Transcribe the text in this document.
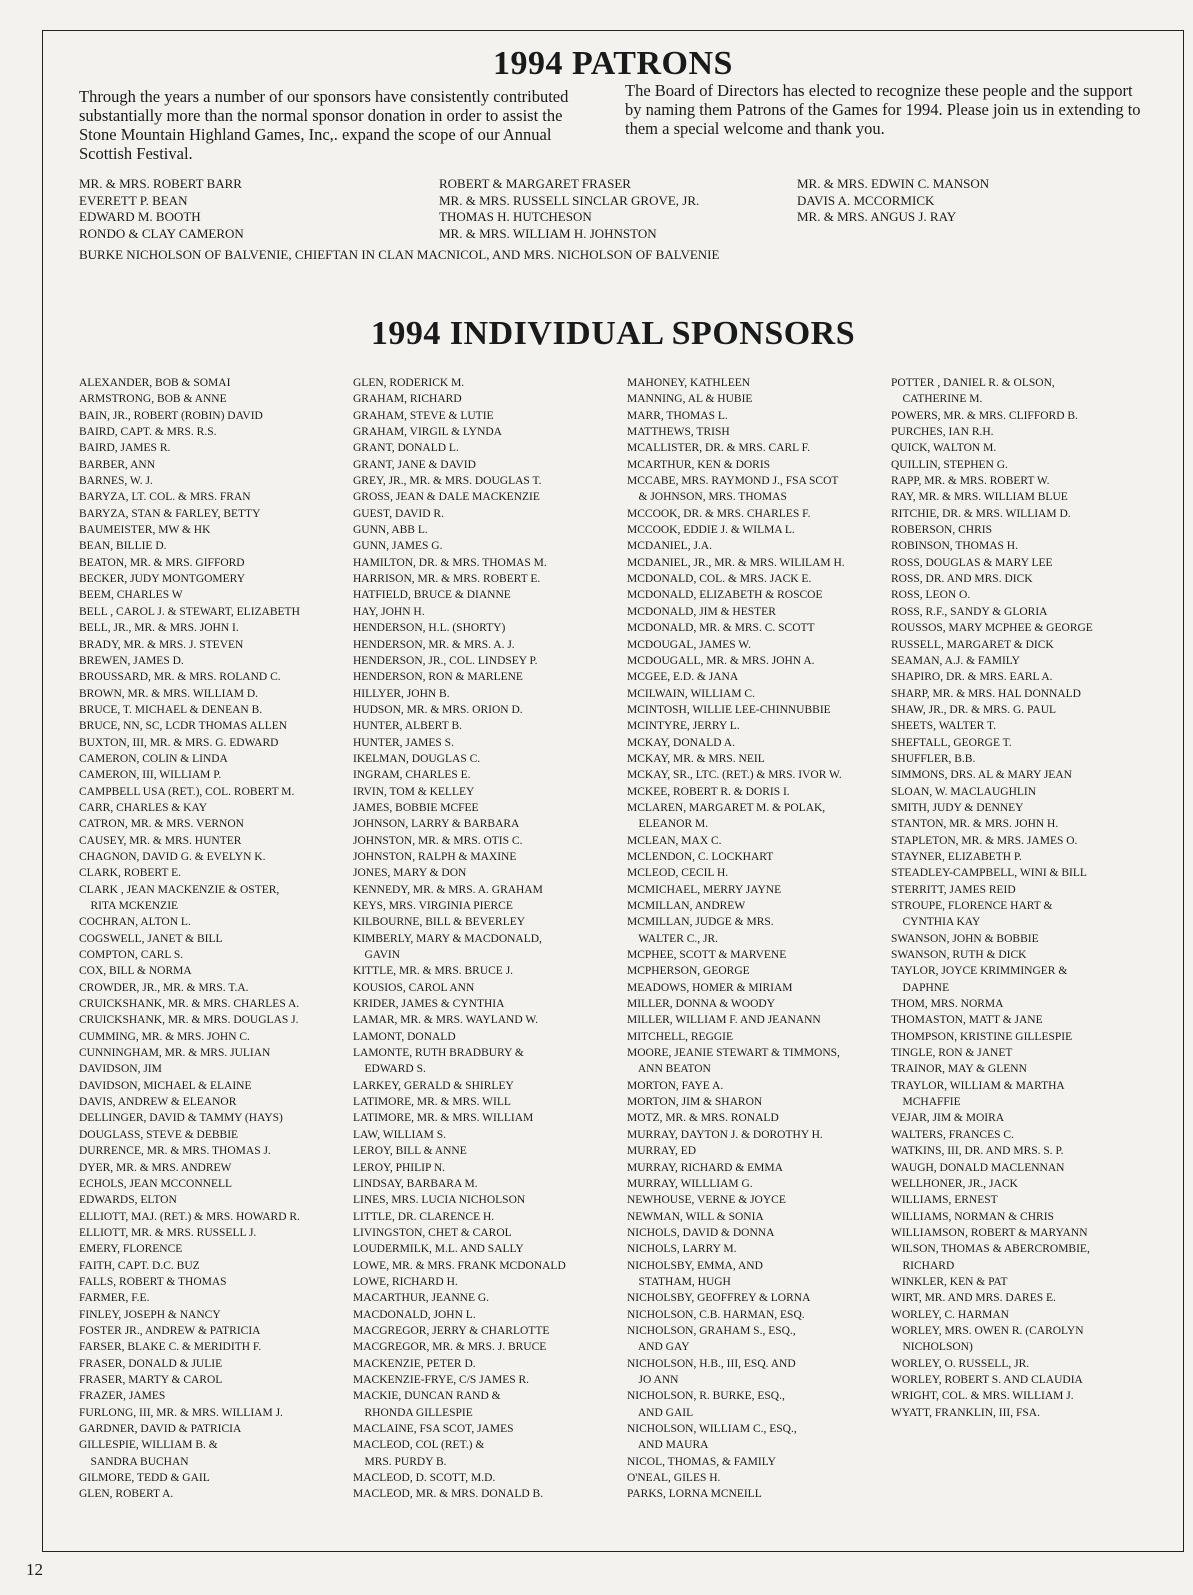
1994 PATRONS
Through the years a number of our sponsors have consistently contributed substantially more than the normal sponsor donation in order to assist the Stone Mountain Highland Games, Inc,. expand the scope of our Annual Scottish Festival.
The Board of Directors has elected to recognize these people and the support by naming them Patrons of the Games for 1994. Please join us in extending to them a special welcome and thank you.
MR. & MRS. ROBERT BARR
EVERETT P. BEAN
EDWARD M. BOOTH
RONDO & CLAY CAMERON
ROBERT & MARGARET FRASER
MR. & MRS. RUSSELL SINCLAR GROVE, JR.
THOMAS H. HUTCHESON
MR. & MRS. WILLIAM H. JOHNSTON
MR. & MRS. EDWIN C. MANSON
DAVIS A. MCCORMICK
MR. & MRS. ANGUS J. RAY
BURKE NICHOLSON OF BALVENIE, CHIEFTAN IN CLAN MACNICOL, AND MRS. NICHOLSON OF BALVENIE
1994 INDIVIDUAL SPONSORS
ALEXANDER, BOB & SOMAI
ARMSTRONG, BOB & ANNE
BAIN, JR., ROBERT (ROBIN) DAVID
BAIRD, CAPT. & MRS. R.S.
BAIRD, JAMES R.
BARBER, ANN
BARNES, W. J.
BARYZA, LT. COL. & MRS. FRAN
BARYZA, STAN & FARLEY, BETTY
BAUMEISTER, MW & HK
BEAN, BILLIE D.
BEATON, MR. & MRS. GIFFORD
BECKER, JUDY MONTGOMERY
BEEM, CHARLES W
BELL , CAROL J. & STEWART, ELIZABETH
BELL, JR., MR. & MRS. JOHN I.
BRADY, MR. & MRS. J. STEVEN
BREWEN, JAMES D.
BROUSSARD, MR. & MRS. ROLAND C.
BROWN, MR. & MRS. WILLIAM D.
BRUCE, T. MICHAEL & DENEAN B.
BRUCE, NN, SC, LCDR THOMAS ALLEN
BUXTON, III, MR. & MRS. G. EDWARD
CAMERON, COLIN & LINDA
CAMERON, III, WILLIAM P.
CAMPBELL USA (RET.), COL. ROBERT M.
CARR, CHARLES & KAY
CATRON, MR. & MRS. VERNON
CAUSEY, MR. & MRS. HUNTER
CHAGNON, DAVID G. & EVELYN K.
CLARK, ROBERT E.
CLARK , JEAN MACKENZIE & OSTER,
RITA MCKENZIE
COCHRAN, ALTON L.
COGSWELL, JANET & BILL
COMPTON, CARL S.
COX, BILL & NORMA
CROWDER, JR., MR. & MRS. T.A.
CRUICKSHANK, MR. & MRS. CHARLES A.
CRUICKSHANK, MR. & MRS. DOUGLAS J.
CUMMING, MR. & MRS. JOHN C.
CUNNINGHAM, MR. & MRS. JULIAN
DAVIDSON, JIM
DAVIDSON, MICHAEL & ELAINE
DAVIS, ANDREW & ELEANOR
DELLINGER, DAVID & TAMMY (HAYS)
DOUGLASS, STEVE & DEBBIE
DURRENCE, MR. & MRS. THOMAS J.
DYER, MR. & MRS. ANDREW
ECHOLS, JEAN MCCONNELL
EDWARDS, ELTON
ELLIOTT, MAJ. (RET.) & MRS. HOWARD R.
ELLIOTT, MR. & MRS. RUSSELL J.
EMERY, FLORENCE
FAITH, CAPT. D.C. BUZ
FALLS, ROBERT & THOMAS
FARMER, F.E.
FINLEY, JOSEPH & NANCY
FOSTER JR., ANDREW & PATRICIA
FARSER, BLAKE C. & MERIDITH F.
FRASER, DONALD & JULIE
FRASER, MARTY & CAROL
FRAZER, JAMES
FURLONG, III, MR. & MRS. WILLIAM J.
GARDNER, DAVID & PATRICIA
GILLESPIE, WILLIAM B. &
SANDRA BUCHAN
GILMORE, TEDD & GAIL
GLEN, ROBERT A.
GLEN, RODERICK M.
GRAHAM, RICHARD
GRAHAM, STEVE & LUTIE
GRAHAM, VIRGIL & LYNDA
GRANT, DONALD L.
GRANT, JANE & DAVID
GREY, JR., MR. & MRS. DOUGLAS T.
GROSS, JEAN & DALE MACKENZIE
GUEST, DAVID R.
GUNN, ABB L.
GUNN, JAMES G.
HAMILTON, DR. & MRS. THOMAS M.
HARRISON, MR. & MRS. ROBERT E.
HATFIELD, BRUCE & DIANNE
HAY, JOHN H.
HENDERSON, H.L. (SHORTY)
HENDERSON, MR. & MRS. A. J.
HENDERSON, JR., COL. LINDSEY P.
HENDERSON, RON & MARLENE
HILLYER, JOHN B.
HUDSON, MR. & MRS. ORION D.
HUNTER, ALBERT B.
HUNTER, JAMES S.
IKELMAN, DOUGLAS C.
INGRAM, CHARLES E.
IRVIN, TOM & KELLEY
JAMES, BOBBIE MCFEE
JOHNSON, LARRY & BARBARA
JOHNSTON, MR. & MRS. OTIS C.
JOHNSTON, RALPH & MAXINE
JONES, MARY & DON
KENNEDY, MR. & MRS. A. GRAHAM
KEYS, MRS. VIRGINIA PIERCE
KILBOURNE, BILL & BEVERLEY
KIMBERLY, MARY & MACDONALD,
GAVIN
KITTLE, MR. & MRS. BRUCE J.
KOUSIOS, CAROL ANN
KRIDER, JAMES & CYNTHIA
LAMAR, MR. & MRS. WAYLAND W.
LAMONT, DONALD
LAMONTE, RUTH BRADBURY &
EDWARD S.
LARKEY, GERALD & SHIRLEY
LATIMORE, MR. & MRS. WILL
LATIMORE, MR. & MRS. WILLIAM
LAW, WILLIAM S.
LEROY, BILL & ANNE
LEROY, PHILIP N.
LINDSAY, BARBARA M.
LINES, MRS. LUCIA NICHOLSON
LITTLE, DR. CLARENCE H.
LIVINGSTON, CHET & CAROL
LOUDERMILK, M.L. AND SALLY
LOWE, MR. & MRS. FRANK MCDONALD
LOWE, RICHARD H.
MACARTHUR, JEANNE G.
MACDONALD, JOHN L.
MACGREGOR, JERRY & CHARLOTTE
MACGREGOR, MR. & MRS. J. BRUCE
MACKENZIE, PETER D.
MACKENZIE-FRYE, C/S JAMES R.
MACKIE, DUNCAN RAND &
RHONDA GILLESPIE
MACLAINE, FSA SCOT, JAMES
MACLEOD, COL (RET.) &
MRS. PURDY B.
MACLEOD, D. SCOTT, M.D.
MACLEOD, MR. & MRS. DONALD B.
MAHONEY, KATHLEEN
MANNING, AL & HUBIE
MARR, THOMAS L.
MATTHEWS, TRISH
MCALLISTER, DR. & MRS. CARL F.
MCARTHUR, KEN & DORIS
MCCABE, MRS. RAYMOND J., FSA SCOT
& JOHNSON, MRS. THOMAS
MCCOOK, DR. & MRS. CHARLES F.
MCCOOK, EDDIE J. & WILMA L.
MCDANIEL, J.A.
MCDANIEL, JR., MR. & MRS. WILILAM H.
MCDONALD, COL. & MRS. JACK E.
MCDONALD, ELIZABETH & ROSCOE
MCDONALD, JIM & HESTER
MCDONALD, MR. & MRS. C. SCOTT
MCDOUGAL, JAMES W.
MCDOUGALL, MR. & MRS. JOHN A.
MCGEE, E.D. & JANA
MCILWAIN, WILLIAM C.
MCINTOSH, WILLIE LEE-CHINNUBBIE
MCINTYRE, JERRY L.
MCKAY, DONALD A.
MCKAY, MR. & MRS. NEIL
MCKAY, SR., LTC. (RET.) & MRS. IVOR W.
MCKEE, ROBERT R. & DORIS I.
MCLAREN, MARGARET M. & POLAK,
ELEANOR M.
MCLEAN, MAX C.
MCLENDON, C. LOCKHART
MCLEOD, CECIL H.
MCMICHAEL, MERRY JAYNE
MCMILLAN, ANDREW
MCMILLAN, JUDGE & MRS.
WALTER C., JR.
MCPHEE, SCOTT & MARVENE
MCPHERSON, GEORGE
MEADOWS, HOMER & MIRIAM
MILLER, DONNA & WOODY
MILLER, WILLIAM F. AND JEANANN
MITCHELL, REGGIE
MOORE, JEANIE STEWART & TIMMONS,
ANN BEATON
MORTON, FAYE A.
MORTON, JIM & SHARON
MOTZ, MR. & MRS. RONALD
MURRAY, DAYTON J. & DOROTHY H.
MURRAY, ED
MURRAY, RICHARD & EMMA
MURRAY, WILLLIAM G.
NEWHOUSE, VERNE & JOYCE
NEWMAN, WILL & SONIA
NICHOLS, DAVID & DONNA
NICHOLS, LARRY M.
NICHOLSBY, EMMA, AND
STATHAM, HUGH
NICHOLSBY, GEOFFREY & LORNA
NICHOLSON, C.B. HARMAN, ESQ.
NICHOLSON, GRAHAM S., ESQ.,
AND GAY
NICHOLSON, H.B., III, ESQ. AND
JO ANN
NICHOLSON, R. BURKE, ESQ.,
AND GAIL
NICHOLSON, WILLIAM C., ESQ.,
AND MAURA
NICOL, THOMAS, & FAMILY
O'NEAL, GILES H.
PARKS, LORNA MCNEILL
POTTER , DANIEL R. & OLSON,
CATHERINE M.
POWERS, MR. & MRS. CLIFFORD B.
PURCHES, IAN R.H.
QUICK, WALTON M.
QUILLIN, STEPHEN G.
RAPP, MR. & MRS. ROBERT W.
RAY, MR. & MRS. WILLIAM BLUE
RITCHIE, DR. & MRS. WILLIAM D.
ROBERSON, CHRIS
ROBINSON, THOMAS H.
ROSS, DOUGLAS & MARY LEE
ROSS, DR. AND MRS. DICK
ROSS, LEON O.
ROSS, R.F., SANDY & GLORIA
ROUSSOS, MARY MCPHEE & GEORGE
RUSSELL, MARGARET & DICK
SEAMAN, A.J. & FAMILY
SHAPIRO, DR. & MRS. EARL A.
SHARP, MR. & MRS. HAL DONNALD
SHAW, JR., DR. & MRS. G. PAUL
SHEETS, WALTER T.
SHEFTALL, GEORGE T.
SHUFFLER, B.B.
SIMMONS, DRS. AL & MARY JEAN
SLOAN, W. MACLAUGHLIN
SMITH, JUDY & DENNEY
STANTON, MR. & MRS. JOHN H.
STAPLETON, MR. & MRS. JAMES O.
STAYNER, ELIZABETH P.
STEADLEY-CAMPBELL, WINI & BILL
STERRITT, JAMES REID
STROUPE, FLORENCE HART &
CYNTHIA KAY
SWANSON, JOHN & BOBBIE
SWANSON, RUTH & DICK
TAYLOR, JOYCE KRIMMINGER &
DAPHNE
THOM, MRS. NORMA
THOMASTON, MATT & JANE
THOMPSON, KRISTINE GILLESPIE
TINGLE, RON & JANET
TRAINOR, MAY & GLENN
TRAYLOR, WILLIAM & MARTHA
MCHAFFIE
VEJAR, JIM & MOIRA
WALTERS, FRANCES C.
WATKINS, III, DR. AND MRS. S. P.
WAUGH, DONALD MACLENNAN
WELLHONER, JR., JACK
WILLIAMS, ERNEST
WILLIAMS, NORMAN & CHRIS
WILLIAMSON, ROBERT & MARYANN
WILSON, THOMAS & ABERCROMBIE,
RICHARD
WINKLER, KEN & PAT
WIRT, MR. AND MRS. DARES E.
WORLEY, C. HARMAN
WORLEY, MRS. OWEN R. (CAROLYN
NICHOLSON)
WORLEY, O. RUSSELL, JR.
WORLEY, ROBERT S. AND CLAUDIA
WRIGHT, COL. & MRS. WILLIAM J.
WYATT, FRANKLIN, III, FSA.
12
